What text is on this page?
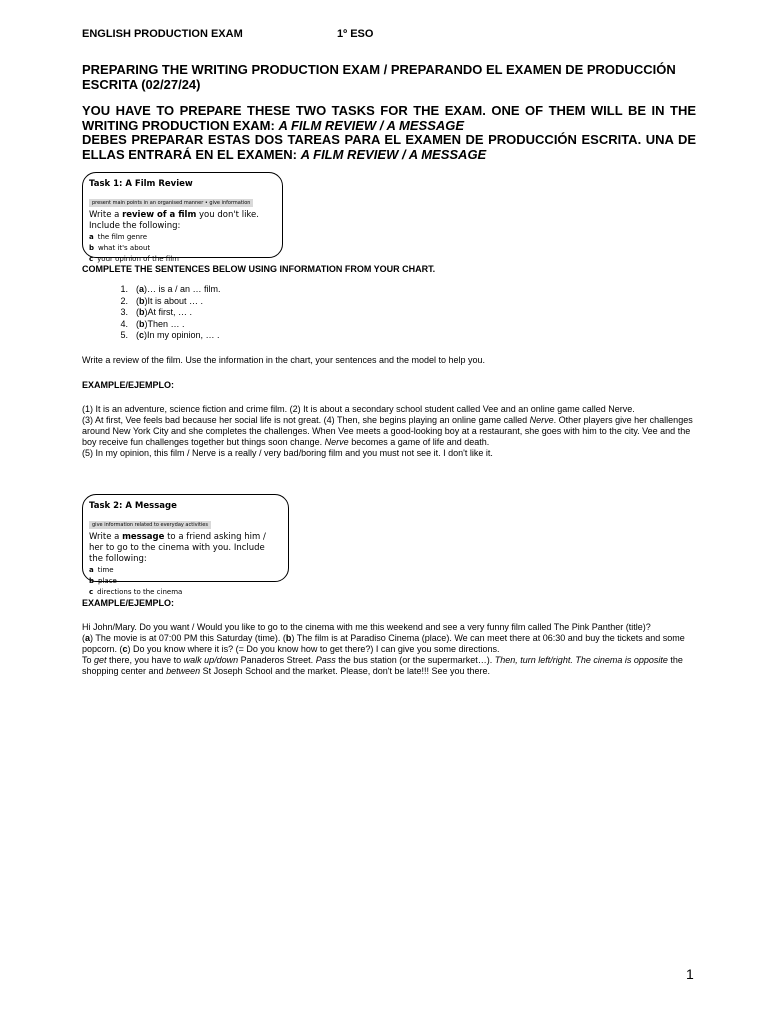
ENGLISH PRODUCTION EXAM	1º ESO
PREPARING THE WRITING PRODUCTION EXAM / PREPARANDO EL EXAMEN DE PRODUCCIÓN ESCRITA (02/27/24)
YOU HAVE TO PREPARE THESE TWO TASKS FOR THE EXAM. ONE OF THEM WILL BE IN THE WRITING PRODUCTION EXAM: A FILM REVIEW / A MESSAGE
DEBES PREPARAR ESTAS DOS TAREAS PARA EL EXAMEN DE PRODUCCIÓN ESCRITA. UNA DE ELLAS ENTRARÁ EN EL EXAMEN: A FILM REVIEW / A MESSAGE
Task 1: A Film Review
present main points in an organised manner • give information
Write a review of a film you don't like. Include the following:
a the film genre
b what it's about
c your opinion of the film
COMPLETE THE SENTENCES BELOW USING INFORMATION FROM YOUR CHART.
1. (a)… is a / an … film.
2. (b)It is about … .
3. (b)At first, … .
4. (b)Then … .
5. (c)In my opinion, … .
Write a review of the film. Use the information in the chart, your sentences and the model to help you.
EXAMPLE/EJEMPLO:
(1) It is an adventure, science fiction and crime film. (2) It is about a secondary school student called Vee and an online game called Nerve.
(3) At first, Vee feels bad because her social life is not great. (4) Then, she begins playing an online game called Nerve. Other players give her challenges around New York City and she completes the challenges. When Vee meets a good-looking boy at a restaurant, she goes with him to the city. Vee and the boy receive fun challenges together but things soon change. Nerve becomes a game of life and death.
(5) In my opinion, this film / Nerve is a really / very bad/boring film and you must not see it. I don't like it.
Task 2: A Message
give information related to everyday activities
Write a message to a friend asking him / her to go to the cinema with you. Include the following:
a time
b place
c directions to the cinema
EXAMPLE/EJEMPLO:
Hi John/Mary. Do you want / Would you like to go to the cinema with me this weekend and see a very funny film called The Pink Panther (title)?
(a) The movie is at 07:00 PM this Saturday (time). (b) The film is at Paradiso Cinema (place). We can meet there at 06:30 and buy the tickets and some popcorn. (c) Do you know where it is? (= Do you know how to get there?) I can give you some directions.
To get there, you have to walk up/down Panaderos Street. Pass the bus station (or the supermarket…). Then, turn left/right. The cinema is opposite the shopping center and between St Joseph School and the market. Please, don't be late!!! See you there.
1
